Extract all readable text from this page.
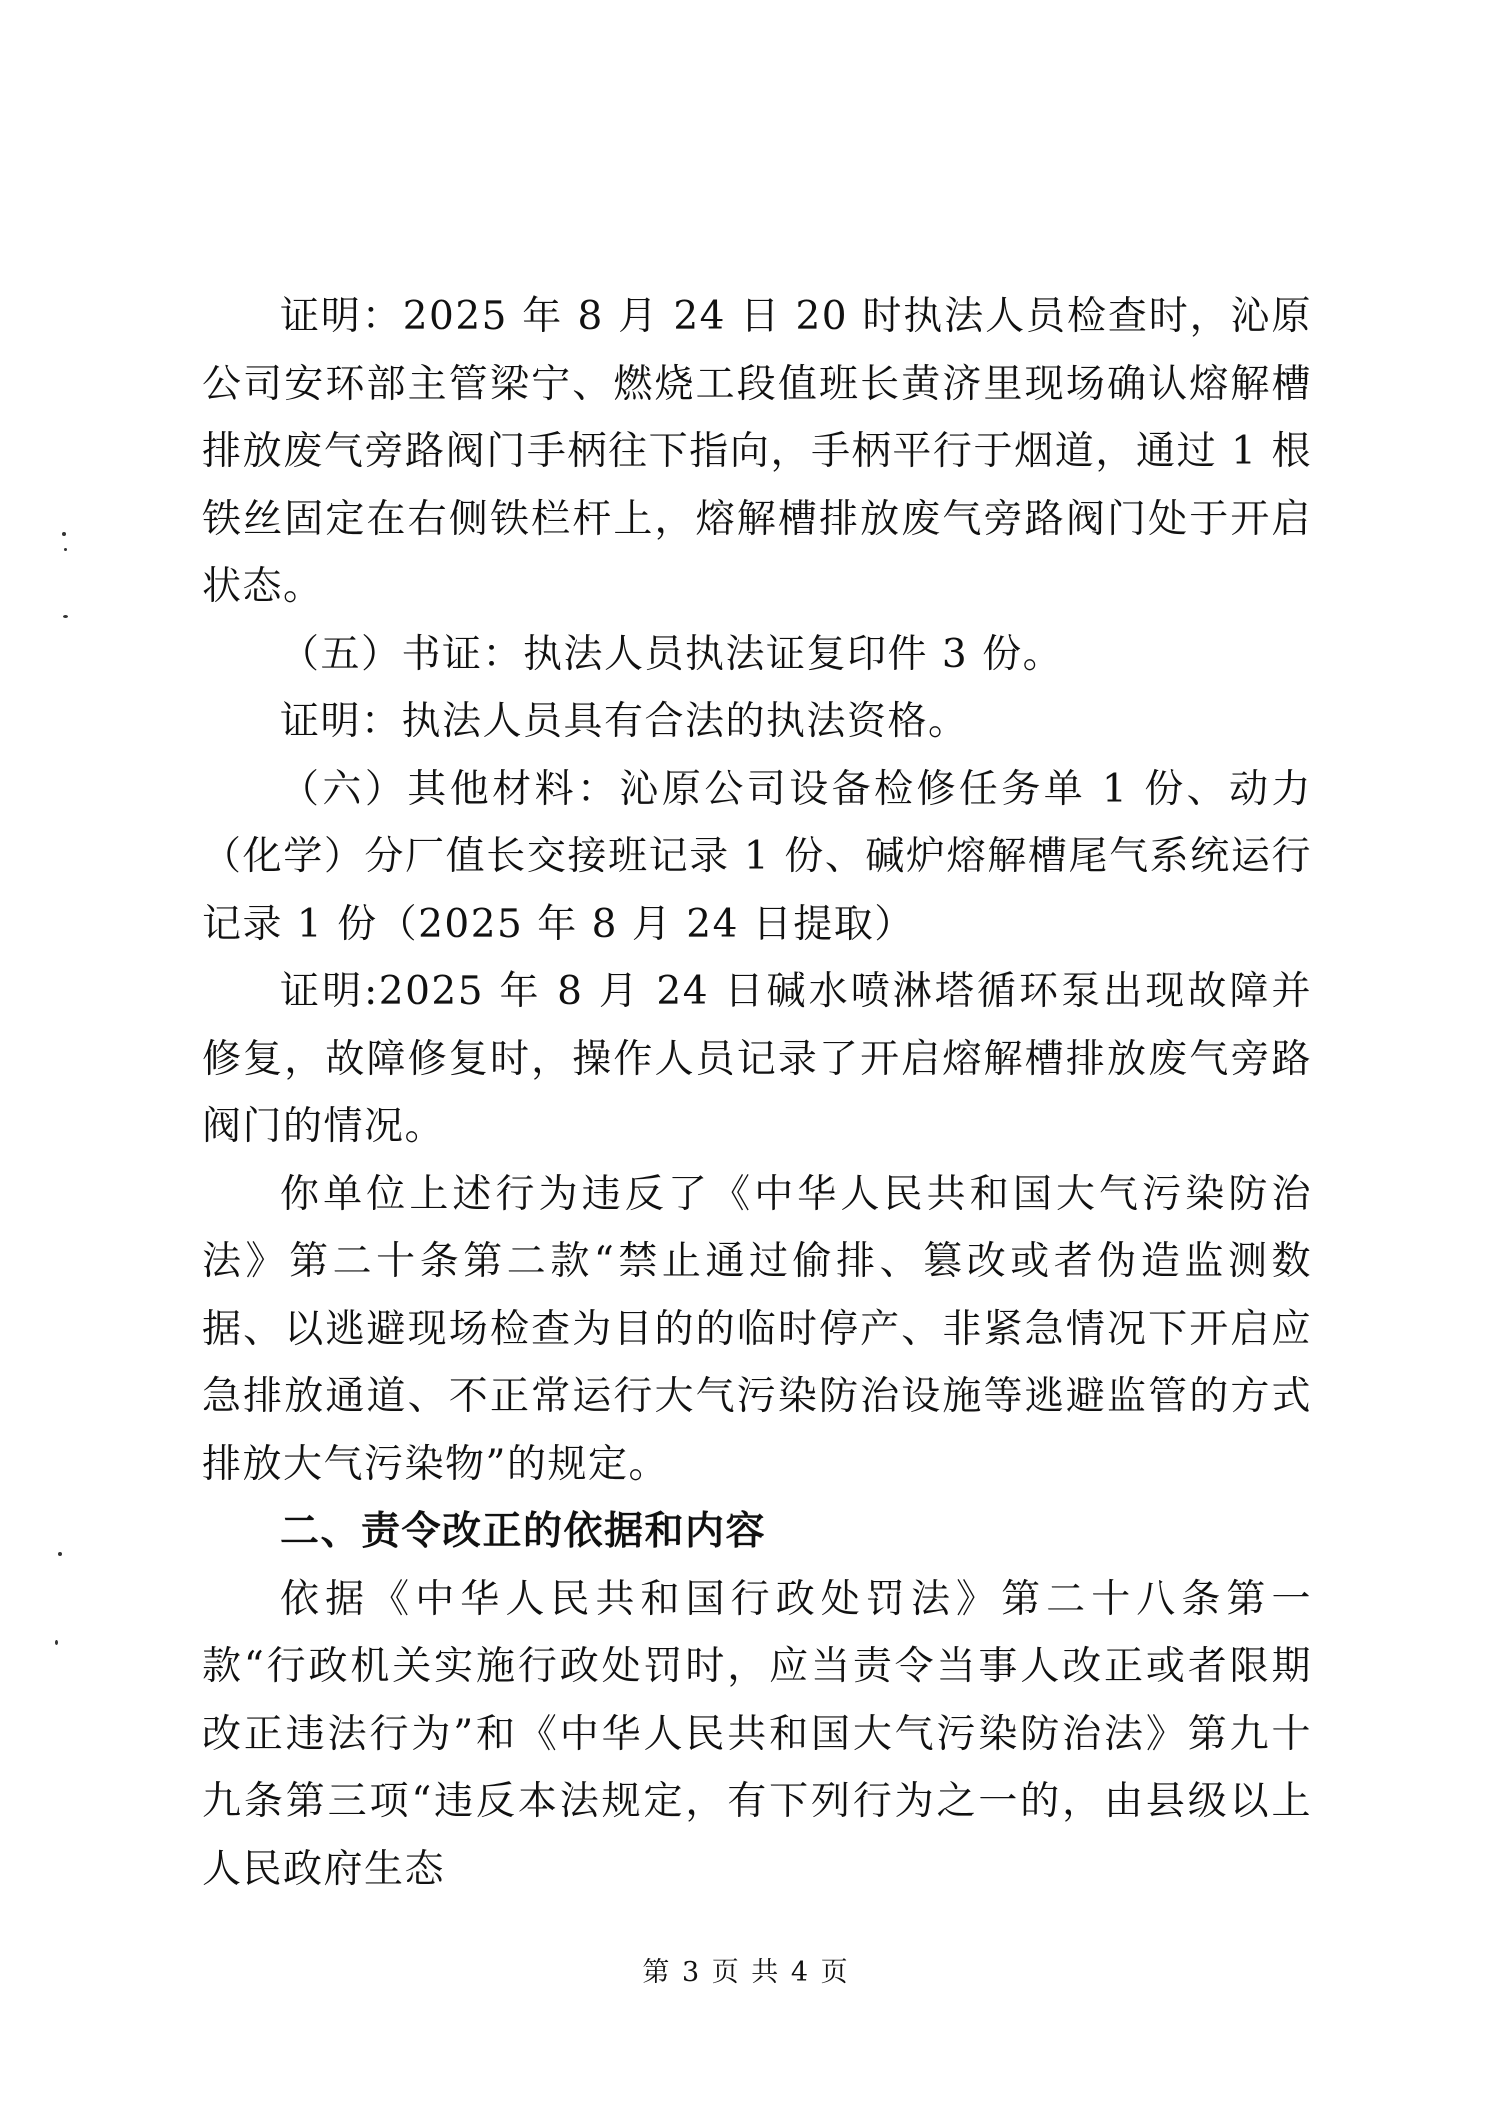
证明：2025 年 8 月 24 日 20 时执法人员检查时，沁原公司安环部主管梁宁、燃烧工段值班长黄济里现场确认熔解槽排放废气旁路阀门手柄往下指向，手柄平行于烟道，通过 1 根铁丝固定在右侧铁栏杆上，熔解槽排放废气旁路阀门处于开启状态。

（五）书证：执法人员执法证复印件 3 份。

证明：执法人员具有合法的执法资格。

（六）其他材料：沁原公司设备检修任务单 1 份、动力（化学）分厂值长交接班记录 1 份、碱炉熔解槽尾气系统运行记录 1 份（2025 年 8 月 24 日提取）

证明:2025 年 8 月 24 日碱水喷淋塔循环泵出现故障并修复，故障修复时，操作人员记录了开启熔解槽排放废气旁路阀门的情况。

你单位上述行为违反了《中华人民共和国大气污染防治法》第二十条第二款“禁止通过偷排、篡改或者伪造监测数据、以逃避现场检查为目的的临时停产、非紧急情况下开启应急排放通道、不正常运行大气污染防治设施等逃避监管的方式排放大气污染物”的规定。

二、责令改正的依据和内容

依据《中华人民共和国行政处罚法》第二十八条第一款“行政机关实施行政处罚时，应当责令当事人改正或者限期改正违法行为”和《中华人民共和国大气污染防治法》第九十九条第三项“违反本法规定，有下列行为之一的，由县级以上人民政府生态

第 3 页 共 4 页
